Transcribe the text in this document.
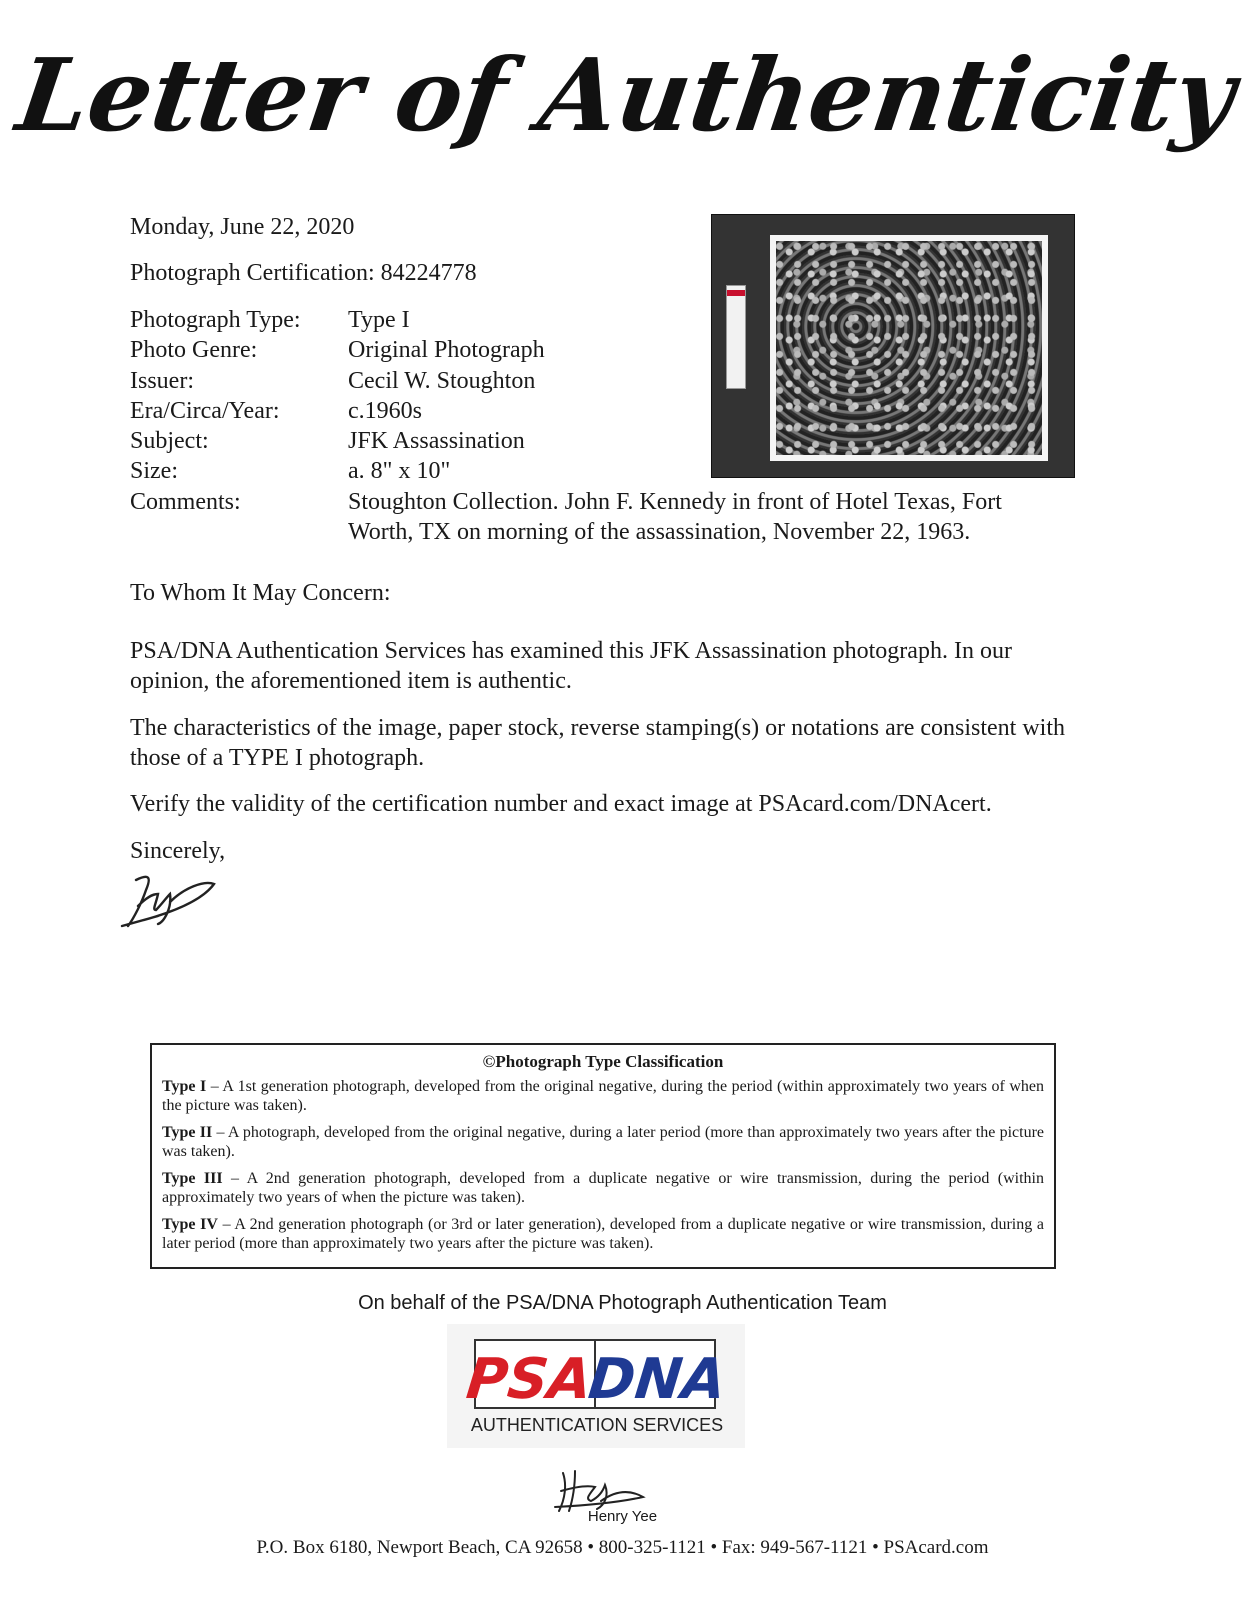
Letter of Authenticity
Monday, June 22, 2020
Photograph Certification: 84224778
Photograph Type:	Type I
Photo Genre:	Original Photograph
Issuer:	Cecil W. Stoughton
Era/Circa/Year:	c.1960s
Subject:	JFK Assassination
Size:	a. 8" x 10"
Comments:	Stoughton Collection. John F. Kennedy in front of Hotel Texas, Fort Worth, TX on morning of the assassination, November 22, 1963.
To Whom It May Concern:
PSA/DNA Authentication Services has examined this JFK Assassination photograph. In our opinion, the aforementioned item is authentic.
The characteristics of the image, paper stock, reverse stamping(s) or notations are consistent with those of a TYPE I photograph.
Verify the validity of the certification number and exact image at PSAcard.com/DNAcert.
Sincerely,
©Photograph Type Classification
Type I – A 1st generation photograph, developed from the original negative, during the period (within approximately two years of when the picture was taken).
Type II – A photograph, developed from the original negative, during a later period (more than approximately two years after the picture was taken).
Type III – A 2nd generation photograph, developed from a duplicate negative or wire transmission, during the period (within approximately two years of when the picture was taken).
Type IV – A 2nd generation photograph (or 3rd or later generation), developed from a duplicate negative or wire transmission, during a later period (more than approximately two years after the picture was taken).
On behalf of the PSA/DNA Photograph Authentication Team
PSA
DNA
AUTHENTICATION SERVICES
Henry Yee
P.O. Box 6180, Newport Beach, CA 92658 • 800-325-1121 • Fax: 949-567-1121 • PSAcard.com
